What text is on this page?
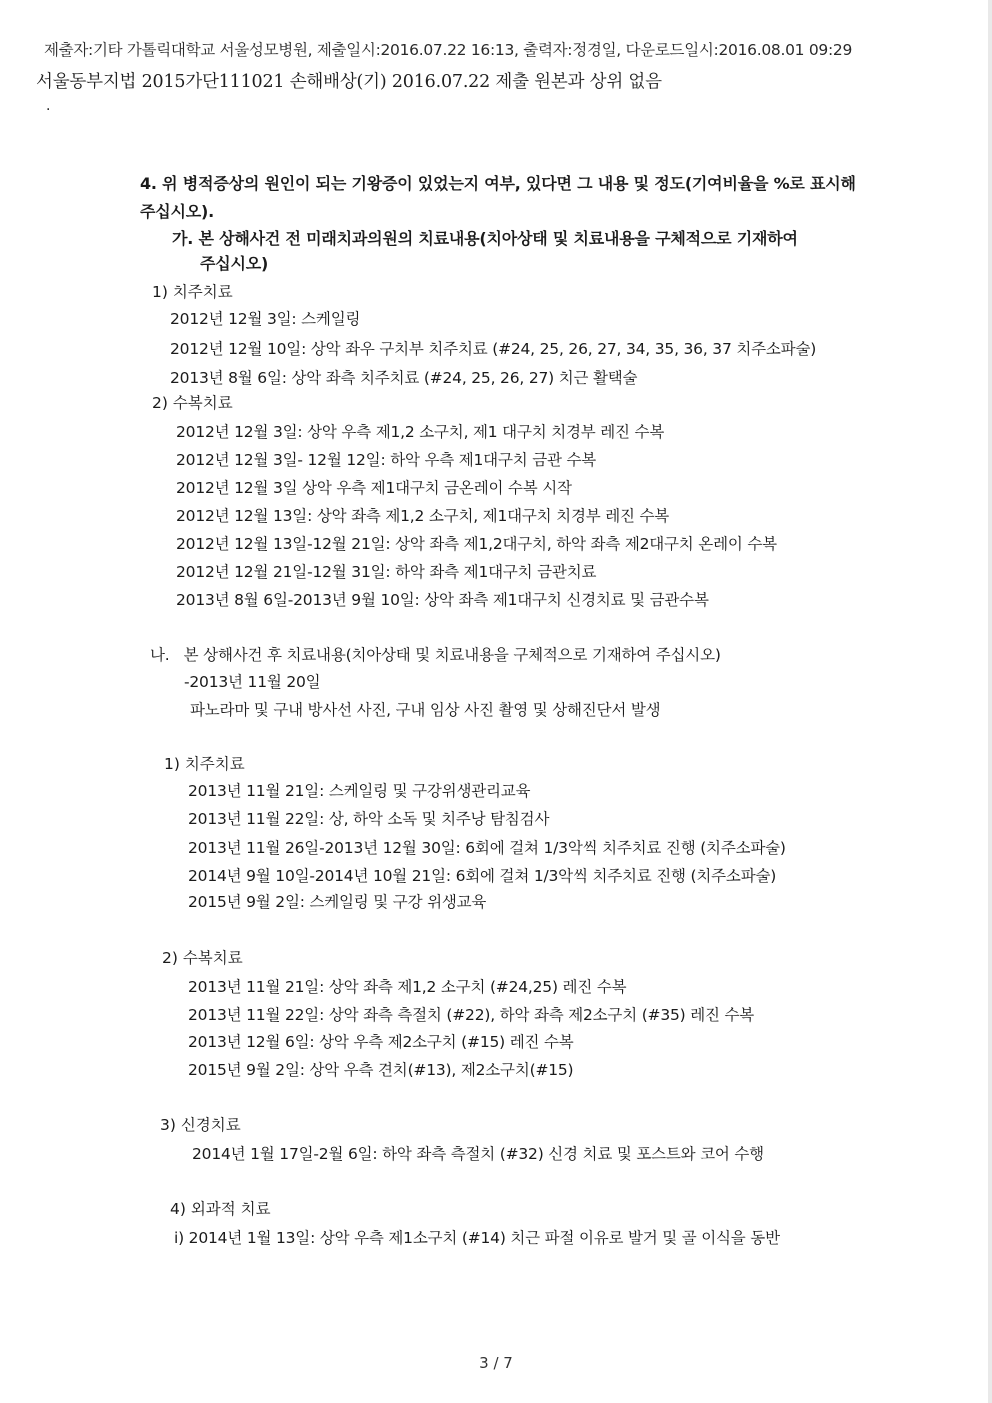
제출자:기타 가톨릭대학교 서울성모병원, 제출일시:2016.07.22 16:13, 출력자:정경일, 다운로드일시:2016.08.01 09:29
서울동부지법 2015가단111021 손해배상(기) 2016.07.22 제출 원본과 상위 없음
·
4. 위 병적증상의 원인이 되는 기왕증이 있었는지 여부, 있다면 그 내용 및 정도(기여비율을 %로 표시해 주십시오).
가. 본 상해사건 전 미래치과의원의 치료내용(치아상태 및 치료내용을 구체적으로 기재하여
주십시오)
1) 치주치료
2012년 12월 3일: 스케일링
2012년 12월 10일: 상악 좌우 구치부 치주치료 (#24, 25, 26, 27, 34, 35, 36, 37 치주소파술)
2013년 8월 6일: 상악 좌측 치주치료 (#24, 25, 26, 27) 치근 활택술
2) 수복치료
2012년 12월 3일: 상악 우측 제1,2 소구치, 제1 대구치 치경부 레진 수복
2012년 12월 3일- 12월 12일: 하악 우측 제1대구치 금관 수복
2012년 12월 3일 상악 우측 제1대구치 금온레이 수복 시작
2012년 12월 13일: 상악 좌측 제1,2 소구치, 제1대구치 치경부 레진 수복
2012년 12월 13일-12월 21일: 상악 좌측 제1,2대구치, 하악 좌측 제2대구치 온레이 수복
2012년 12월 21일-12월 31일: 하악 좌측 제1대구치 금관치료
2013년 8월 6일-2013년 9월 10일: 상악 좌측 제1대구치 신경치료 및 금관수복
나.   본 상해사건 후 치료내용(치아상태 및 치료내용을 구체적으로 기재하여 주십시오)
-2013년 11월 20일
파노라마 및 구내 방사선 사진, 구내 임상 사진 촬영 및 상해진단서 발생
1) 치주치료
2013년 11월 21일: 스케일링 및 구강위생관리교육
2013년 11월 22일: 상, 하악 소독 및 치주낭 탐침검사
2013년 11월 26일-2013년 12월 30일: 6회에 걸쳐 1/3악씩 치주치료 진행 (치주소파술)
2014년 9월 10일-2014년 10월 21일: 6회에 걸쳐 1/3악씩 치주치료 진행 (치주소파술)
2015년 9월 2일: 스케일링 및 구강 위생교육
2) 수복치료
2013년 11월 21일: 상악 좌측 제1,2 소구치 (#24,25) 레진 수복
2013년 11월 22일: 상악 좌측 측절치 (#22), 하악 좌측 제2소구치 (#35) 레진 수복
2013년 12월 6일: 상악 우측 제2소구치 (#15) 레진 수복
2015년 9월 2일: 상악 우측 견치(#13), 제2소구치(#15)
3) 신경치료
2014년 1월 17일-2월 6일: 하악 좌측 측절치 (#32) 신경 치료 및 포스트와 코어 수행
4) 외과적 치료
i) 2014년 1월 13일: 상악 우측 제1소구치 (#14) 치근 파절 이유로 발거 및 골 이식을 동반
3 / 7
